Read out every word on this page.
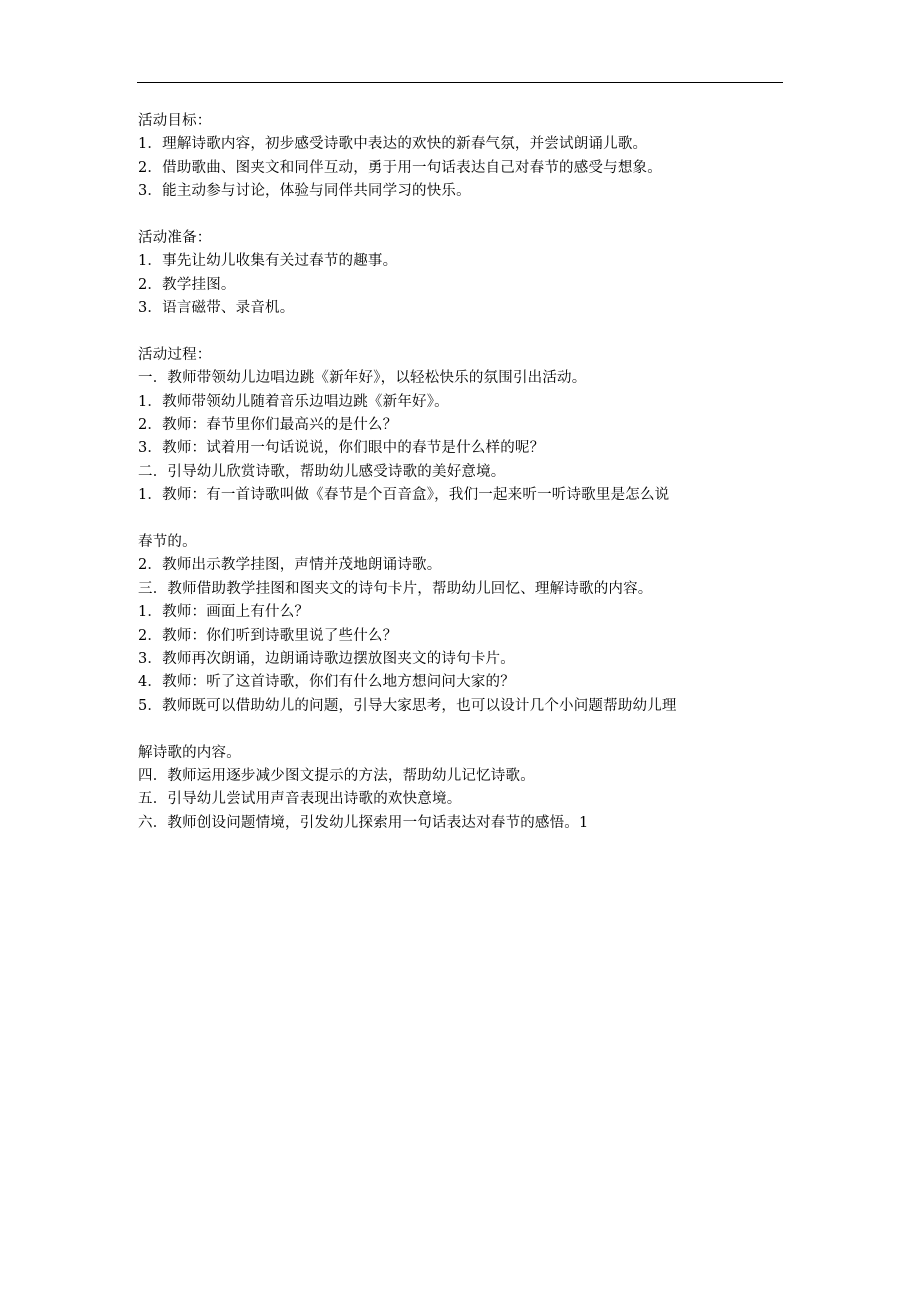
活动目标：
1．理解诗歌内容，初步感受诗歌中表达的欢快的新春气氛，并尝试朗诵儿歌。
2．借助歌曲、图夹文和同伴互动，勇于用一句话表达自己对春节的感受与想象。
3．能主动参与讨论，体验与同伴共同学习的快乐。
活动准备：
1．事先让幼儿收集有关过春节的趣事。
2．教学挂图。
3．语言磁带、录音机。
活动过程：
一．教师带领幼儿边唱边跳《新年好》，以轻松快乐的氛围引出活动。
1．教师带领幼儿随着音乐边唱边跳《新年好》。
2．教师：春节里你们最高兴的是什么？
3．教师：试着用一句话说说，你们眼中的春节是什么样的呢？
二．引导幼儿欣赏诗歌，帮助幼儿感受诗歌的美好意境。
1．教师：有一首诗歌叫做《春节是个百音盒》，我们一起来听一听诗歌里是怎么说
春节的。
2．教师出示教学挂图，声情并茂地朗诵诗歌。
三．教师借助教学挂图和图夹文的诗句卡片，帮助幼儿回忆、理解诗歌的内容。
1．教师：画面上有什么？
2．教师：你们听到诗歌里说了些什么？
3．教师再次朗诵，边朗诵诗歌边摆放图夹文的诗句卡片。
4．教师：听了这首诗歌，你们有什么地方想问问大家的？
5．教师既可以借助幼儿的问题，引导大家思考，也可以设计几个小问题帮助幼儿理
解诗歌的内容。
四．教师运用逐步减少图文提示的方法，帮助幼儿记忆诗歌。
五．引导幼儿尝试用声音表现出诗歌的欢快意境。
六．教师创设问题情境，引发幼儿探索用一句话表达对春节的感悟。1
